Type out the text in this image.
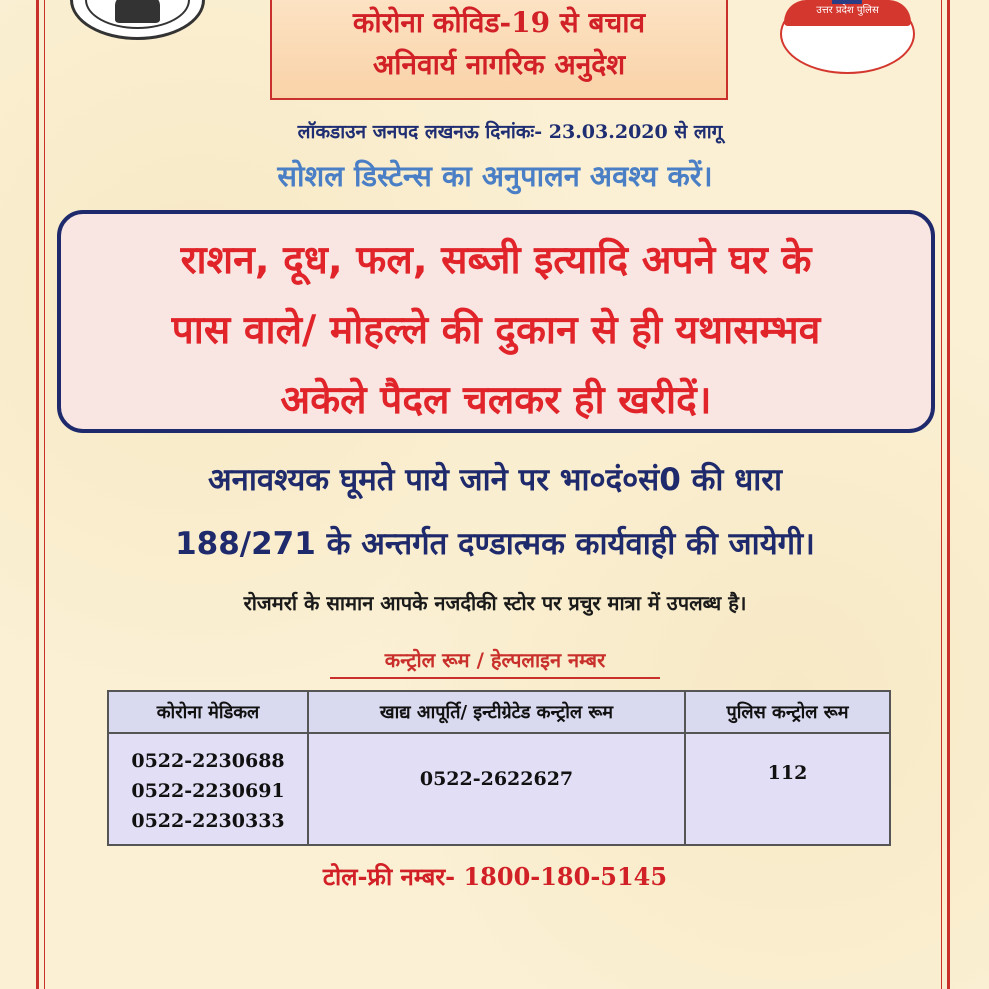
उत्तर प्रदेश पुलिस
कोरोना कोविड-19 से बचाव
अनिवार्य नागरिक अनुदेश
लॉकडाउन जनपद लखनऊ दिनांकः- 23.03.2020 से लागू
सोशल डिस्टेन्स का अनुपालन अवश्य करें।
राशन, दूध, फल, सब्जी इत्यादि अपने घर के
पास वाले/ मोहल्ले की दुकान से ही यथासम्भव
अकेले पैदल चलकर ही खरीदें।
अनावश्यक घूमते पाये जाने पर भा०दं०सं0 की धारा
188/271 के अन्तर्गत दण्डात्मक कार्यवाही की जायेगी।
रोजमर्रा के सामान आपके नजदीकी स्टोर पर प्रचुर मात्रा में उपलब्ध है।
कन्ट्रोल रूम / हेल्पलाइन नम्बर
कोरोना मेडिकल	खाद्य आपूर्ति/ इन्टीग्रेटेड कन्ट्रोल रूम	पुलिस कन्ट्रोल रूम

0522-2230688
0522-2230691
0522-2230333	0522-2622627	112
टोल-फ्री नम्बर- 1800-180-5145
